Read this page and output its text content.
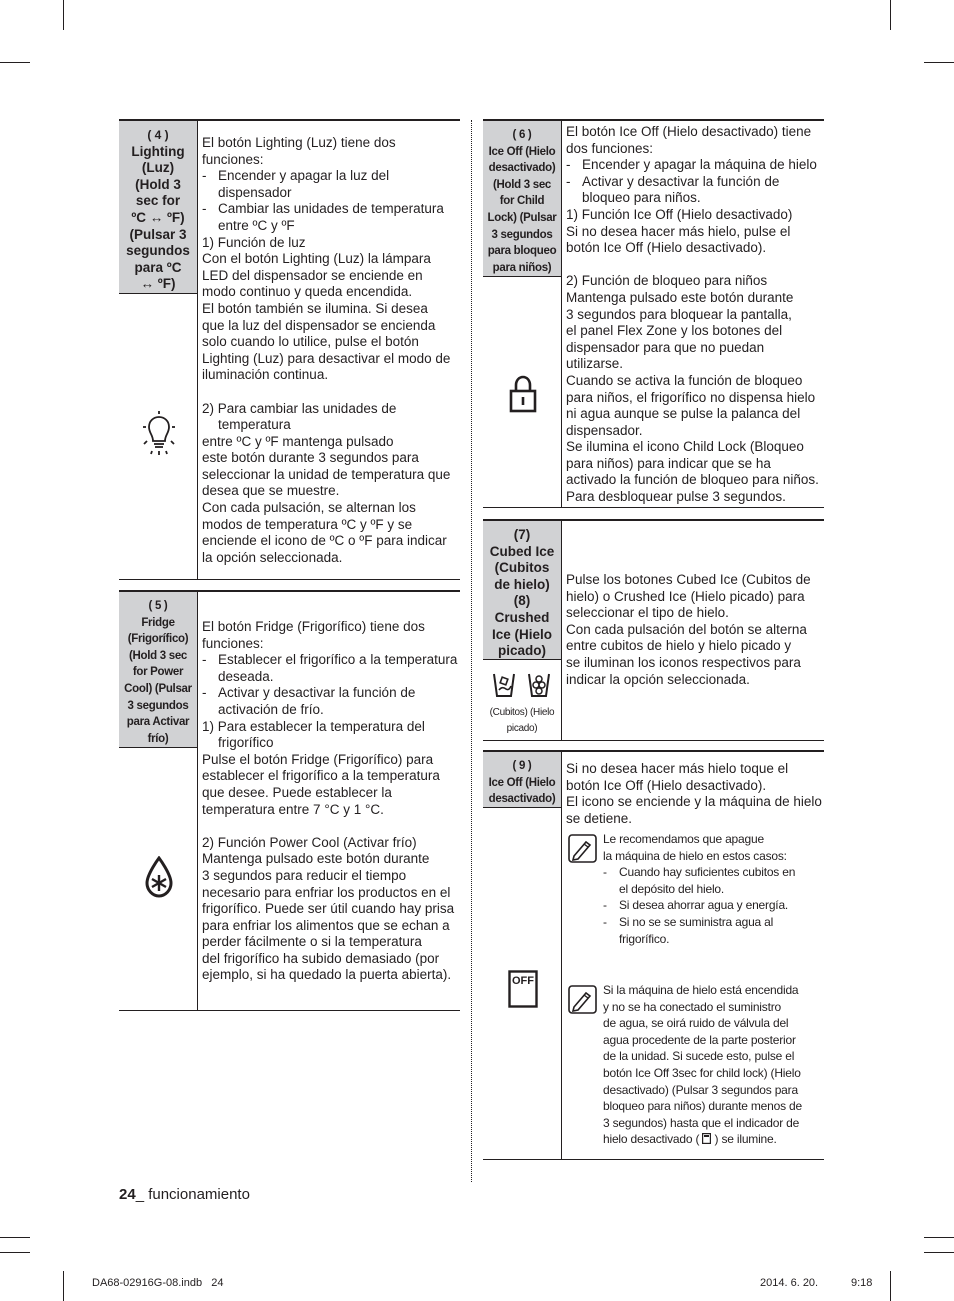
( 4 )
Lighting
(Luz)
(Hold 3
sec for
ºC ↔ ºF)
(Pulsar 3
segundos
para ºC
↔ ºF)
El botón Lighting (Luz) tiene dos
funciones:
- Encender y apagar la luz del
dispensador
- Cambiar las unidades de temperatura
entre ºC y ºF
1) Función de luz
Con el botón Lighting (Luz) la lámpara
LED del dispensador se enciende en
modo continuo y queda encendida.
El botón también se ilumina. Si desea
que la luz del dispensador se encienda
solo cuando lo utilice, pulse el botón
Lighting (Luz) para desactivar el modo de
iluminación continua.
2) Para cambiar las unidades de
temperatura
entre ºC y ºF mantenga pulsado
este botón durante 3 segundos para
seleccionar la unidad de temperatura que
desea que se muestre.
Con cada pulsación, se alternan los
modos de temperatura ºC y ºF y se
enciende el icono de ºC o ºF para indicar
la opción seleccionada.
( 5 )
Fridge
(Frigorífico)
(Hold 3 sec
for Power
Cool) (Pulsar
3 segundos
para Activar
frío)
El botón Fridge (Frigorífico) tiene dos
funciones:
- Establecer el frigorífico a la temperatura
deseada.
- Activar y desactivar la función de
activación de frío.
1) Para establecer la temperatura del
frigorífico
Pulse el botón Fridge (Frigorífico) para
establecer el frigorífico a la temperatura
que desee. Puede establecer la
temperatura entre 7 °C y 1 °C.
2) Función Power Cool (Activar frío)
Mantenga pulsado este botón durante
3 segundos para reducir el tiempo
necesario para enfriar los productos en el
frigorífico. Puede ser útil cuando hay prisa
para enfriar los alimentos que se echan a
perder fácilmente o si la temperatura
del frigorífico ha subido demasiado (por
ejemplo, si ha quedado la puerta abierta).
( 6 )
Ice Off (Hielo
desactivado)
(Hold 3 sec
for Child
Lock) (Pulsar
3 segundos
para bloqueo
para niños)
El botón Ice Off (Hielo desactivado) tiene
dos funciones:
- Encender y apagar la máquina de hielo
- Activar y desactivar la función de
bloqueo para niños.
1) Función Ice Off (Hielo desactivado)
Si no desea hacer más hielo, pulse el
botón Ice Off (Hielo desactivado).
2) Función de bloqueo para niños
Mantenga pulsado este botón durante
3 segundos para bloquear la pantalla,
el panel Flex Zone y los botones del
dispensador para que no puedan
utilizarse.
Cuando se activa la función de bloqueo
para niños, el frigorífico no dispensa hielo
ni agua aunque se pulse la palanca del
dispensador.
Se ilumina el icono Child Lock (Bloqueo
para niños) para indicar que se ha
activado la función de bloqueo para niños.
Para desbloquear pulse 3 segundos.
(7)
Cubed Ice
(Cubitos
de hielo)
(8)
Crushed
Ice (Hielo
picado)
(Cubitos) (Hielo
picado)
Pulse los botones Cubed Ice (Cubitos de
hielo) o Crushed Ice (Hielo picado) para
seleccionar el tipo de hielo.
Con cada pulsación del botón se alterna
entre cubitos de hielo y hielo picado y
se iluminan los iconos respectivos para
indicar la opción seleccionada.
( 9 )
Ice Off (Hielo
desactivado)
OFF
Si no desea hacer más hielo toque el
botón Ice Off (Hielo desactivado).
El icono se enciende y la máquina de hielo
se detiene.
Le recomendamos que apague
la máquina de hielo en estos casos:
- Cuando hay suficientes cubitos en
el depósito del hielo.
- Si desea ahorrar agua y energía.
- Si no se se suministra agua al
frigorífico.
Si la máquina de hielo está encendida
y no se ha conectado el suministro
de agua, se oirá ruido de válvula del
agua procedente de la parte posterior
de la unidad. Si sucede esto, pulse el
botón Ice Off 3sec for child lock) (Hielo
desactivado) (Pulsar 3 segundos para
bloqueo para niños) durante menos de
3 segundos) hasta que el indicador de
hielo desactivado ( ) se ilumine.
24_ funcionamiento
DA68-02916G-08.indb   24	2014. 6. 20.	9:18
